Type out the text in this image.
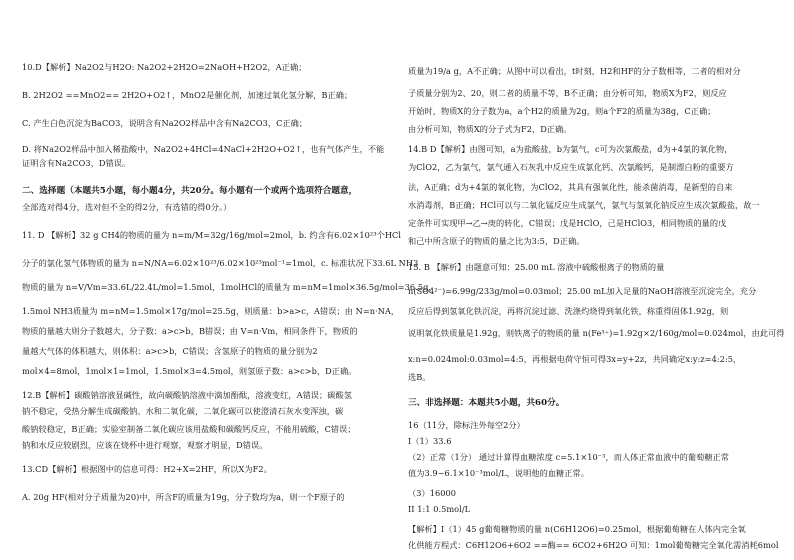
10.D【解析】Na2O2与H2O: Na2O2+2H2O=2NaOH+H2O2，A正确；
B. 2H2O2 ==MnO2== 2H2O+O2↑，MnO2是催化剂，加速过氧化氢分解，B正确；
C. 产生白色沉淀为BaCO3，说明含有Na2O2样品中含有Na2CO3，C正确；
D. 将Na2O2样品中加入稀盐酸中，Na2O2+4HCl=4NaCl+2H2O+O2↑，也有气体产生，不能
证明含有Na2CO3，D错误。
二、选择题（本题共5小题，每小题4分，共20分。每小题有一个或两个选项符合题意，
全部选对得4分，选对但不全的得2分，有选错的得0分。）
11. D 【解析】32 g CH4的物质的量为 n=m/M=32g/16g/mol=2mol，b. 约含有6.02×10²³个HCl
分子的氯化氢气体物质的量为 n=N/NA=6.02×10²³/6.02×10²³mol⁻¹=1mol，c. 标准状况下33.6L NH3
物质的量为 n=V/Vm=33.6L/22.4L/mol=1.5mol，1molHCl的质量为 m=nM=1mol×36.5g/mol=36.5g，
1.5mol NH3质量为 m=nM=1.5mol×17g/mol=25.5g，则质量：b>a>c，A错误；由 N=n·NA，
物质的量越大则分子数越大，分子数：a>c>b，B错误；由 V=n·Vm，相同条件下，物质的
量越大气体的体积越大，则体积：a>c>b，C错误；含氢原子的物质的量分别为2
mol×4=8mol，1mol×1=1mol，1.5mol×3=4.5mol，则氢原子数：a>c>b，D正确。
12.B【解析】碳酸钠溶液显碱性，故向碳酸钠溶液中滴加酚酞，溶液变红，A错误；碳酸氢
钠不稳定，受热分解生成碳酸钠、水和二氧化碳，二氧化碳可以使澄清石灰水变浑浊，碳
酸钠较稳定，B正确；实验室制备二氧化碳应该用盐酸和碳酸钙反应，不能用硫酸，C错误；
钠和水反应较剧烈，应该在烧杯中进行观察，观察才明显，D错误。
13.CD【解析】根据图中的信息可得：H2+X=2HF，所以X为F2。
A. 20g HF(相对分子质量为20)中，所含F的质量为19g，分子数均为a，则一个F原子的
质量为19/a g，A不正确；从图中可以看出，t时刻，H2和HF的分子数相等，二者的相对分
子质量分别为2、20，则二者的质量不等，B不正确；由分析可知，物质X为F2，则反应
开始时，物质X的分子数为a，a个H2的质量为2g，则a个F2的质量为38g，C正确；
由分析可知，物质X的分子式为F2，D正确。
14.B D【解析】由图可知，a为盐酸盐，b为氯气，c可为次氯酸盐，d为+4氯的氧化物，
为ClO2，乙为氯气，氯气通入石灰乳中反应生成氯化钙、次氯酸钙，是制漂白粉的重要方
法，A正确；d为+4氯的氧化物，为ClO2，其具有强氧化性，能杀菌消毒，是新型的自来
水消毒剂，B正确；HCl可以与二氧化锰反应生成氯气，氯气与氢氧化钠反应生成次氯酸盐，故一
定条件可实现甲→乙→庚的转化，C错误；戊是HClO，己是HClO3，相同物质的量的戊
和己中所含原子的物质的量之比为3:5，D正确。
15. B 【解析】由题意可知：25.00 mL 溶液中硫酸根离子的物质的量
n(SO4²⁻)=6.99g/233g/mol=0.03mol；25.00 mL加入足量的NaOH溶液至沉淀完全，充分
反应后得到氢氧化铁沉淀，再将沉淀过滤、洗涤灼烧得到氧化铁，称重得固体1.92g，则
说明氧化铁质量是1.92g，则铁离子的物质的量 n(Fe³⁺)=1.92g×2/160g/mol=0.024mol，由此可得
x:n=0.024mol:0.03mol=4:5，再根据电荷守恒可得3x=y+2z，共同确定x:y:z=4:2:5，
选B。
三、非选择题：本题共5小题，共60分。
16（11分，除标注外每空2分）
I（1）33.6
（2）正常（1分） 通过计算得血糖浓度 c=5.1×10⁻³，而人体正常血液中的葡萄糖正常
值为3.9~6.1×10⁻³mol/L，说明他的血糖正常。
（3）16000
II 1:1 0.5mol/L
【解析】I（1）45 g葡萄糖物质的量 n(C6H12O6)=0.25mol，根据葡萄糖在人体内完全氧
化供能方程式：C6H12O6+6O2 ==酶== 6CO2+6H2O 可知：1mol葡萄糖完全氧化需消耗6mol
